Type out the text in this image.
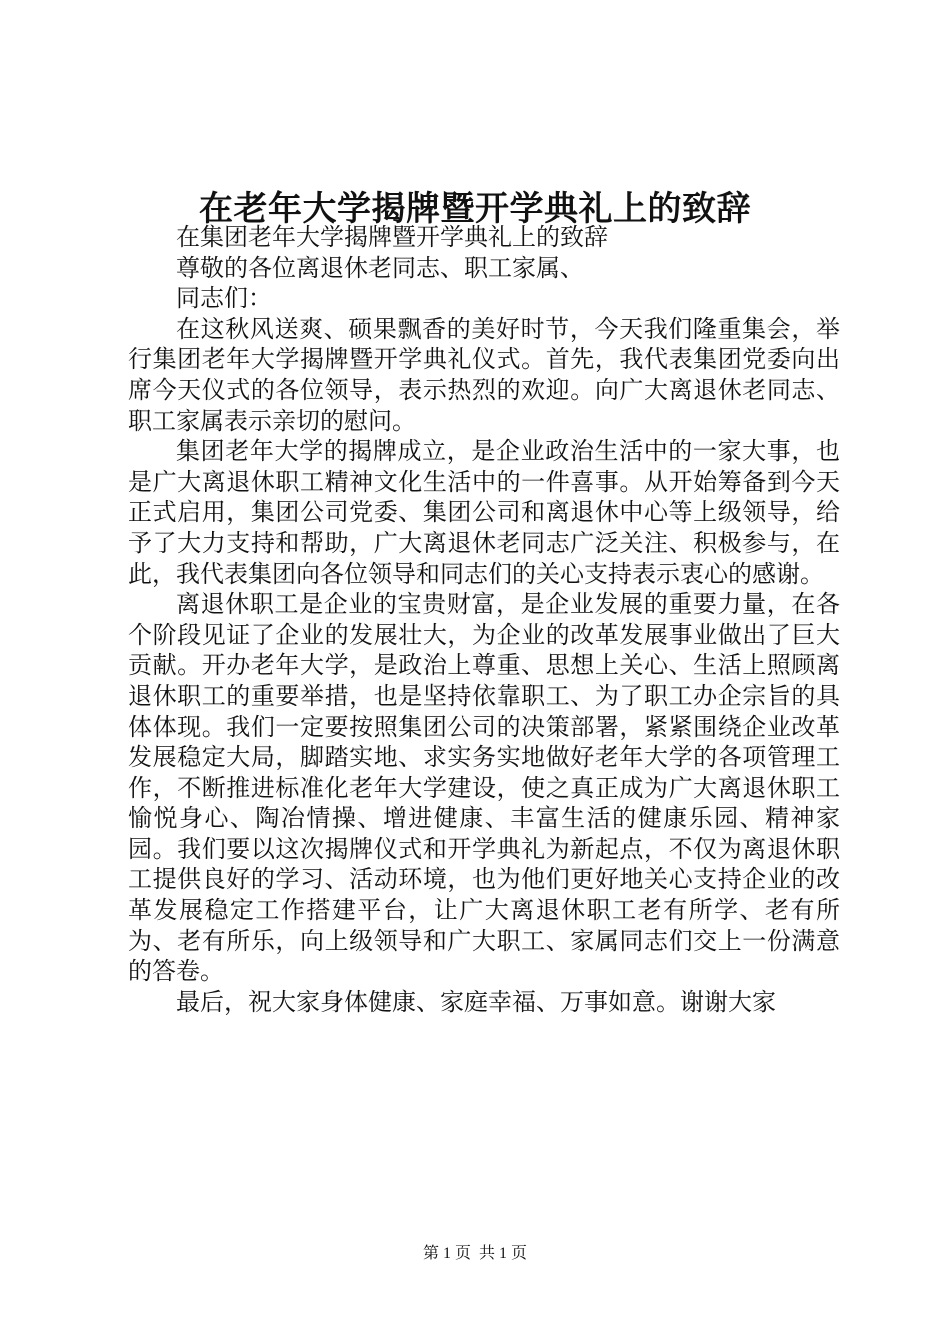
在老年大学揭牌暨开学典礼上的致辞

在集团老年大学揭牌暨开学典礼上的致辞

尊敬的各位离退休老同志、职工家属、

同志们：

在这秋风送爽、硕果飘香的美好时节，今天我们隆重集会，举行集团老年大学揭牌暨开学典礼仪式。首先，我代表集团党委向出席今天仪式的各位领导，表示热烈的欢迎。向广大离退休老同志、职工家属表示亲切的慰问。

集团老年大学的揭牌成立，是企业政治生活中的一家大事，也是广大离退休职工精神文化生活中的一件喜事。从开始筹备到今天正式启用，集团公司党委、集团公司和离退休中心等上级领导，给予了大力支持和帮助，广大离退休老同志广泛关注、积极参与，在此，我代表集团向各位领导和同志们的关心支持表示衷心的感谢。

离退休职工是企业的宝贵财富，是企业发展的重要力量，在各个阶段见证了企业的发展壮大，为企业的改革发展事业做出了巨大贡献。开办老年大学，是政治上尊重、思想上关心、生活上照顾离退休职工的重要举措，也是坚持依靠职工、为了职工办企宗旨的具体体现。我们一定要按照集团公司的决策部署，紧紧围绕企业改革发展稳定大局，脚踏实地、求实务实地做好老年大学的各项管理工作，不断推进标准化老年大学建设，使之真正成为广大离退休职工愉悦身心、陶冶情操、增进健康、丰富生活的健康乐园、精神家园。我们要以这次揭牌仪式和开学典礼为新起点，不仅为离退休职工提供良好的学习、活动环境，也为他们更好地关心支持企业的改革发展稳定工作搭建平台，让广大离退休职工老有所学、老有所为、老有所乐，向上级领导和广大职工、家属同志们交上一份满意的答卷。

最后，祝大家身体健康、家庭幸福、万事如意。谢谢大家

第 1 页  共 1 页
